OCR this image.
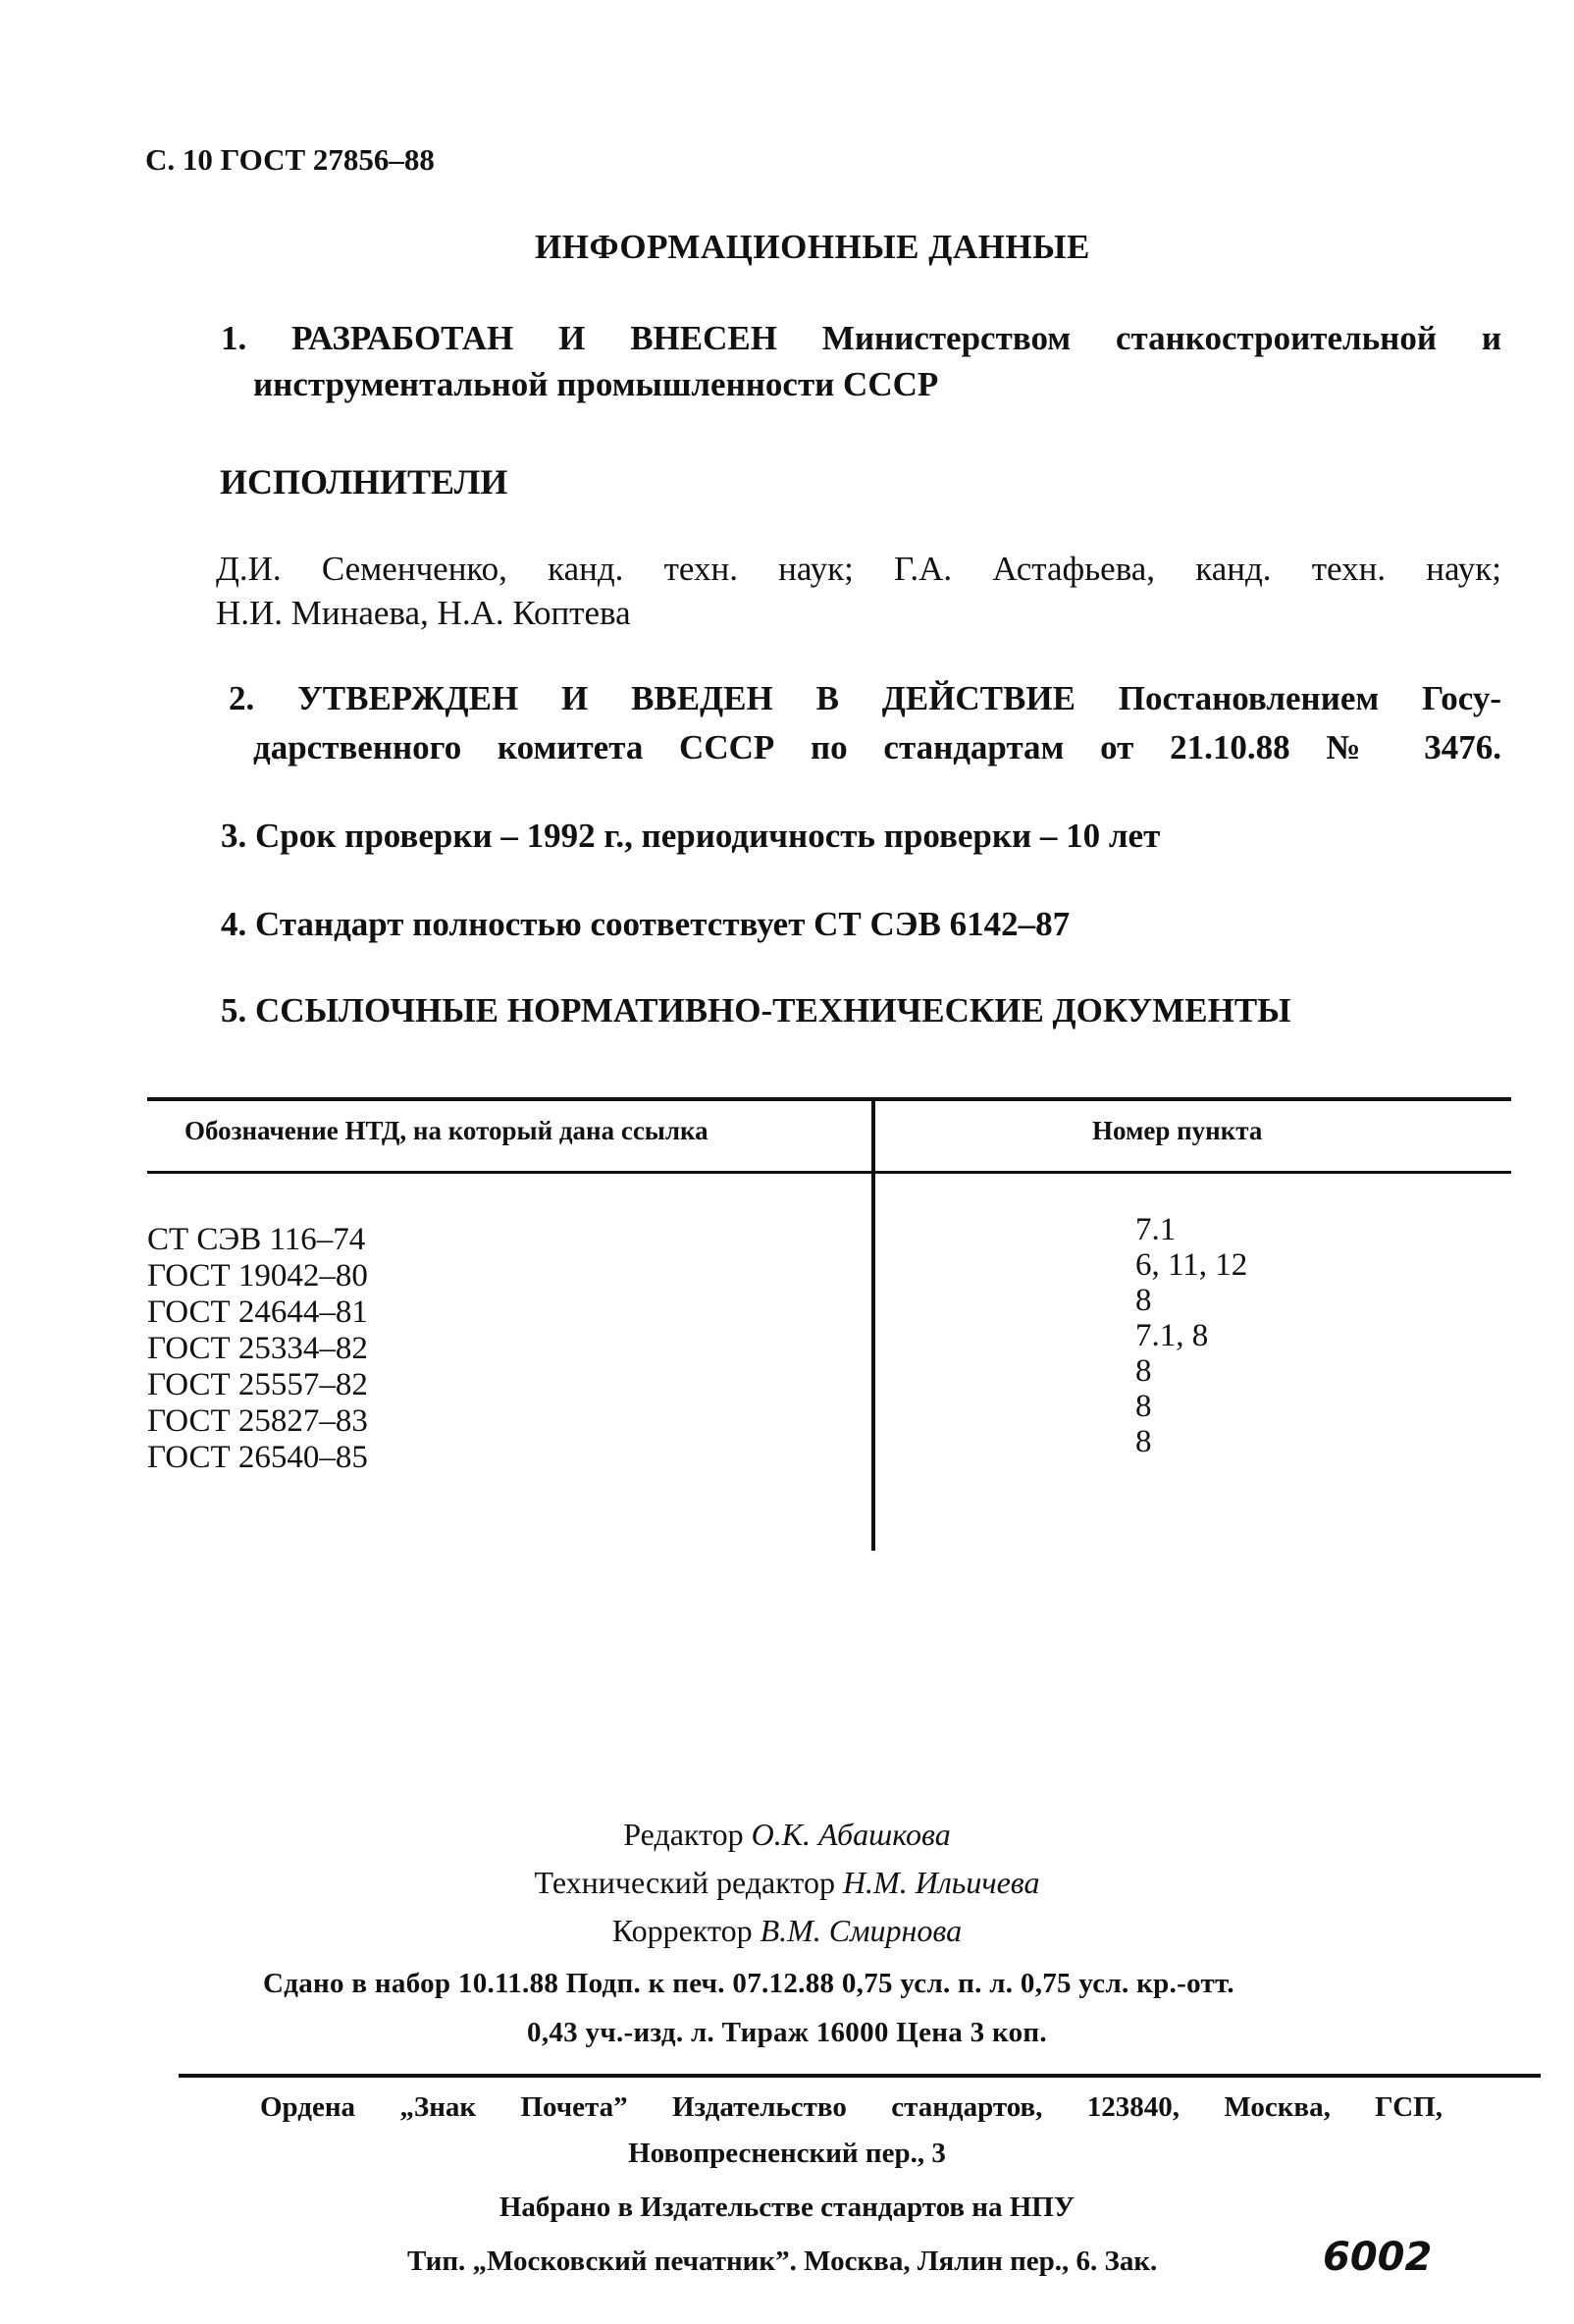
С. 10 ГОСТ 27856–88
ИНФОРМАЦИОННЫЕ ДАННЫЕ
1. РАЗРАБОТАН И ВНЕСЕН Министерством станкостроительной и
инструментальной промышленности СССР
ИСПОЛНИТЕЛИ
Д.И. Семенченко, канд. техн. наук; Г.А. Астафьева, канд. техн. наук;
Н.И. Минаева, Н.А. Коптева
2. УТВЕРЖДЕН И ВВЕДЕН В ДЕЙСТВИЕ Постановлением Госу-
дарственного комитета СССР по стандартам от 21.10.88 № 3476.
3. Срок проверки – 1992 г., периодичность проверки – 10 лет
4. Стандарт полностью соответствует СТ СЭВ 6142–87
5. ССЫЛОЧНЫЕ НОРМАТИВНО-ТЕХНИЧЕСКИЕ ДОКУМЕНТЫ
Обозначение НТД, на который дана ссылка	Номер пункта
СТ СЭВ 116–74
ГОСТ 19042–80
ГОСТ 24644–81
ГОСТ 25334–82
ГОСТ 25557–82
ГОСТ 25827–83
ГОСТ 26540–85
7.1
6, 11, 12
8
7.1, 8
8
8
8
Редактор О.К. Абашкова
Технический редактор Н.М. Ильичева
Корректор В.М. Смирнова
Сдано в набор 10.11.88 Подп. к печ. 07.12.88 0,75 усл. п. л. 0,75 усл. кр.-отт.
0,43 уч.-изд. л. Тираж 16000 Цена 3 коп.
Ордена „Знак Почета” Издательство стандартов, 123840, Москва, ГСП,
Новопресненский пер., 3
Набрано в Издательстве стандартов на НПУ
Тип. „Московский печатник”. Москва, Лялин пер., 6. Зак.	6002
